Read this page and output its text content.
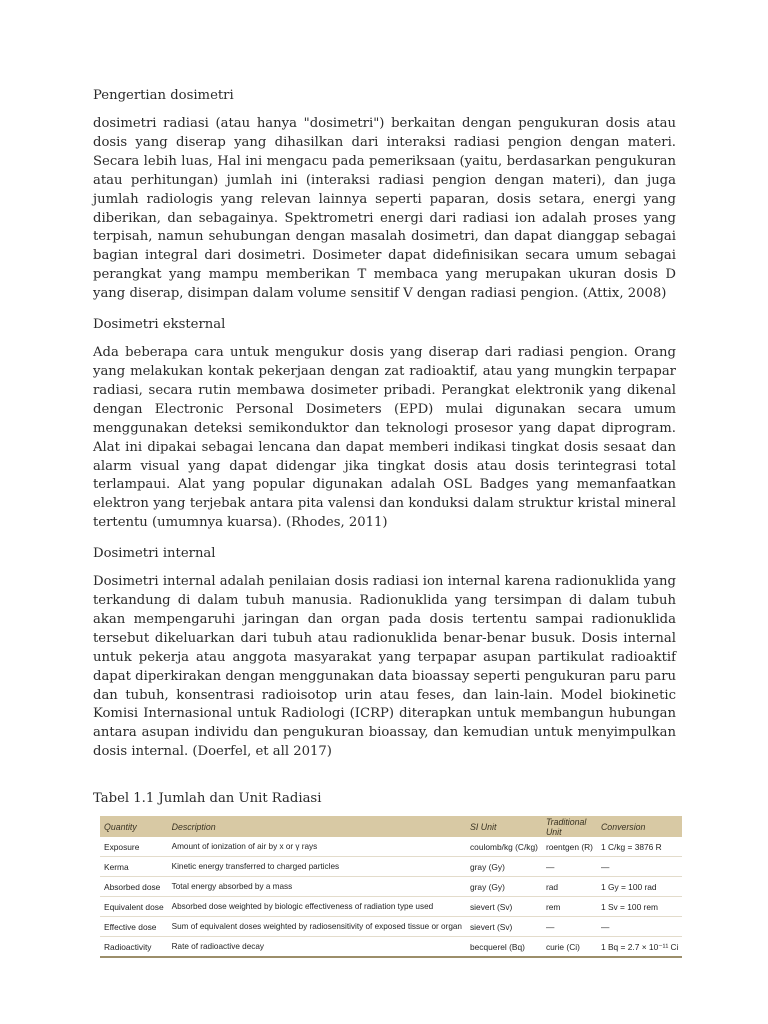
Pengertian dosimetri

dosimetri radiasi (atau hanya "dosimetri") berkaitan dengan pengukuran dosis atau dosis yang diserap yang dihasilkan dari interaksi radiasi pengion dengan materi. Secara lebih luas, Hal ini mengacu pada pemeriksaan (yaitu, berdasarkan pengukuran atau perhitungan) jumlah ini (interaksi radiasi pengion dengan materi), dan juga jumlah radiologis yang relevan lainnya seperti paparan, dosis setara, energi yang diberikan, dan sebagainya. Spektrometri energi dari radiasi ion adalah proses yang terpisah, namun sehubungan dengan masalah dosimetri, dan dapat dianggap sebagai bagian integral dari dosimetri. Dosimeter dapat didefinisikan secara umum sebagai perangkat yang mampu memberikan T membaca yang merupakan ukuran dosis D yang diserap, disimpan dalam volume sensitif V dengan radiasi pengion. (Attix, 2008)

Dosimetri eksternal

Ada beberapa cara untuk mengukur dosis yang diserap dari radiasi pengion. Orang yang melakukan kontak pekerjaan dengan zat radioaktif, atau yang mungkin terpapar radiasi, secara rutin membawa dosimeter pribadi. Perangkat elektronik yang dikenal dengan Electronic Personal Dosimeters (EPD) mulai digunakan secara umum menggunakan deteksi semikonduktor dan teknologi prosesor yang dapat diprogram. Alat ini dipakai sebagai lencana dan dapat memberi indikasi tingkat dosis sesaat dan alarm visual yang dapat didengar jika tingkat dosis atau dosis terintegrasi total terlampaui. Alat yang popular digunakan adalah OSL Badges yang memanfaatkan elektron yang terjebak antara pita valensi dan konduksi dalam struktur kristal mineral tertentu (umumnya kuarsa). (Rhodes, 2011)

Dosimetri internal

Dosimetri internal adalah penilaian dosis radiasi ion internal karena radionuklida yang terkandung di dalam tubuh manusia. Radionuklida yang tersimpan di dalam tubuh akan mempengaruhi jaringan dan organ pada dosis tertentu sampai radionuklida tersebut dikeluarkan dari tubuh atau radionuklida benar-benar busuk. Dosis internal untuk pekerja atau anggota masyarakat yang terpapar asupan partikulat radioaktif dapat diperkirakan dengan menggunakan data bioassay seperti pengukuran paru paru dan tubuh, konsentrasi radioisotop urin atau feses, dan lain-lain. Model biokinetic Komisi Internasional untuk Radiologi (ICRP) diterapkan untuk membangun hubungan antara asupan individu dan pengukuran bioassay, dan kemudian untuk menyimpulkan dosis internal. (Doerfel, et all 2017)

Tabel 1.1 Jumlah dan Unit Radiasi

Quantity	Description	SI Unit	Traditional Unit	Conversion
Exposure	Amount of ionization of air by x or γ rays	coulomb/kg (C/kg)	roentgen (R)	1 C/kg = 3876 R
Kerma	Kinetic energy transferred to charged particles	gray (Gy)	—	—
Absorbed dose	Total energy absorbed by a mass	gray (Gy)	rad	1 Gy = 100 rad
Equivalent dose	Absorbed dose weighted by biologic effectiveness of radiation type used	sievert (Sv)	rem	1 Sv = 100 rem
Effective dose	Sum of equivalent doses weighted by radiosensitivity of exposed tissue or organ	sievert (Sv)	—	—
Radioactivity	Rate of radioactive decay	becquerel (Bq)	curie (Ci)	1 Bq = 2.7 × 10⁻¹¹ Ci
